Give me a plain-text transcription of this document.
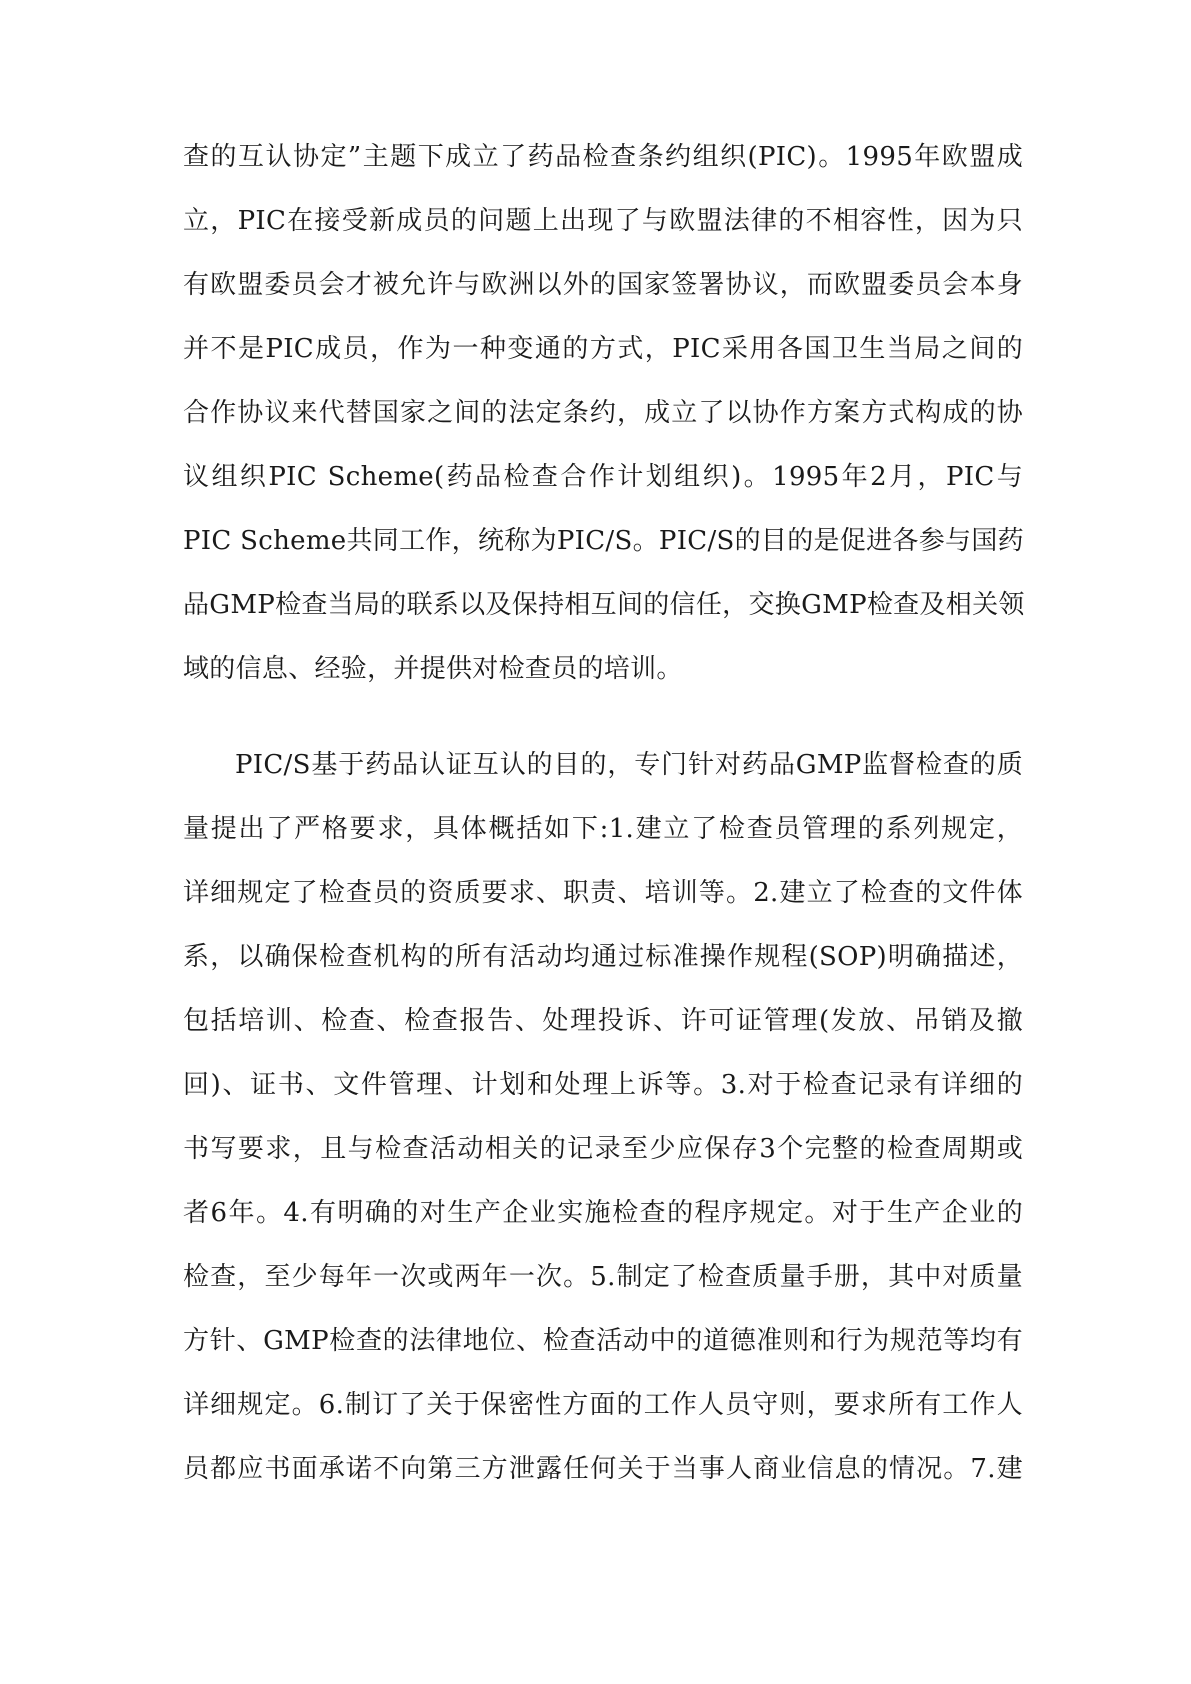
查的互认协定”主题下成立了药品检查条约组织(PIC)。1995年欧盟成
立，PIC在接受新成员的问题上出现了与欧盟法律的不相容性，因为只
有欧盟委员会才被允许与欧洲以外的国家签署协议，而欧盟委员会本身
并不是PIC成员，作为一种变通的方式，PIC采用各国卫生当局之间的
合作协议来代替国家之间的法定条约，成立了以协作方案方式构成的协
议组织PIC Scheme(药品检查合作计划组织)。1995年2月，PIC与
PIC Scheme共同工作，统称为PIC/S。PIC/S的目的是促进各参与国药
品GMP检查当局的联系以及保持相互间的信任，交换GMP检查及相关领
域的信息、经验，并提供对检查员的培训。
PIC/S基于药品认证互认的目的，专门针对药品GMP监督检查的质
量提出了严格要求，具体概括如下:1.建立了检查员管理的系列规定，
详细规定了检查员的资质要求、职责、培训等。2.建立了检查的文件体
系，以确保检查机构的所有活动均通过标准操作规程(SOP)明确描述，
包括培训、检查、检查报告、处理投诉、许可证管理(发放、吊销及撤
回)、证书、文件管理、计划和处理上诉等。3.对于检查记录有详细的
书写要求，且与检查活动相关的记录至少应保存3个完整的检查周期或
者6年。4.有明确的对生产企业实施检查的程序规定。对于生产企业的
检查，至少每年一次或两年一次。5.制定了检查质量手册，其中对质量
方针、GMP检查的法律地位、检查活动中的道德准则和行为规范等均有
详细规定。6.制订了关于保密性方面的工作人员守则，要求所有工作人
员都应书面承诺不向第三方泄露任何关于当事人商业信息的情况。7.建
